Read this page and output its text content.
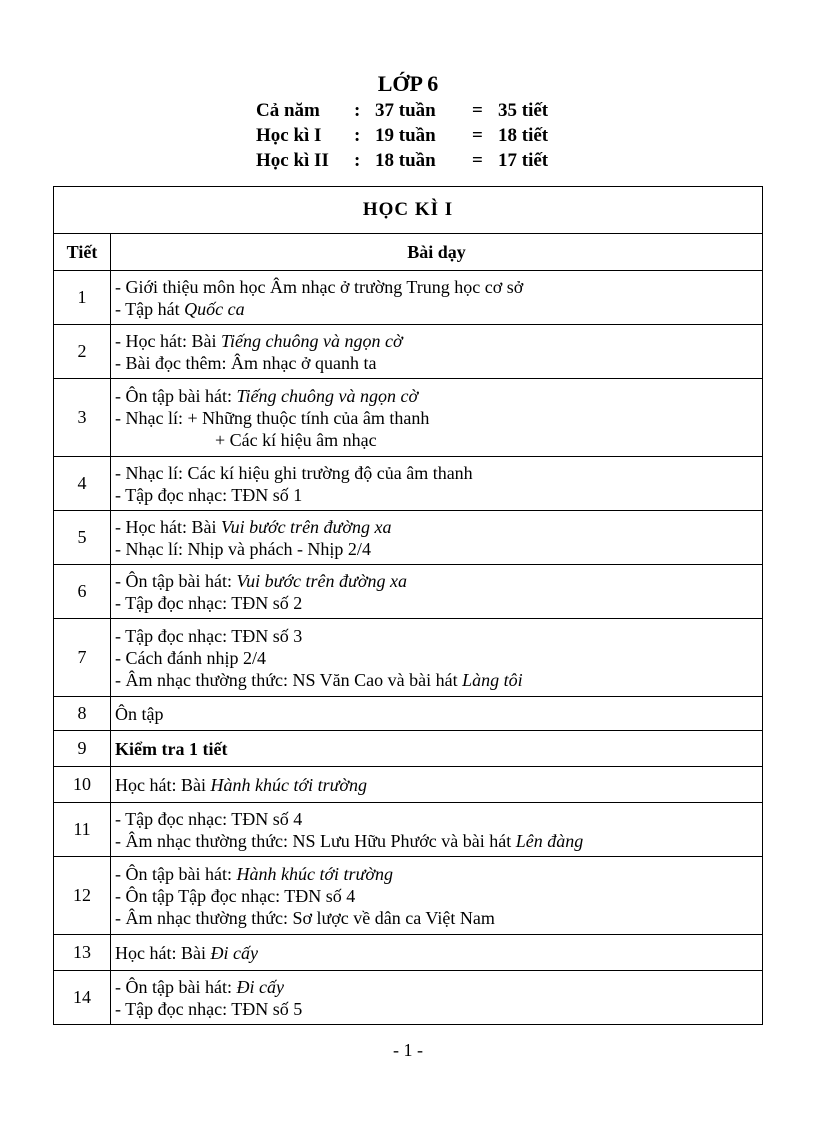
LỚP 6
Cả năm : 37 tuần = 35 tiết
Học kì I : 19 tuần = 18 tiết
Học kì II : 18 tuần = 17 tiết
HỌC KÌ I	
Tiết	Bài dạy
1	- Giới thiệu môn học Âm nhạc ở trường Trung học cơ sở
- Tập hát Quốc ca

2	- Học hát: Bài Tiếng chuông và ngọn cờ
- Bài đọc thêm: Âm nhạc ở quanh ta

3	- Ôn tập bài hát: Tiếng chuông và ngọn cờ
- Nhạc lí: + Những thuộc tính của âm thanh
+ Các kí hiệu âm nhạc

4	- Nhạc lí: Các kí hiệu ghi trường độ của âm thanh
- Tập đọc nhạc: TĐN số 1

5	- Học hát: Bài Vui bước trên đường xa
- Nhạc lí: Nhịp và phách - Nhịp 2/4

6	- Ôn tập bài hát: Vui bước trên đường xa
- Tập đọc nhạc: TĐN số 2

7	- Tập đọc nhạc: TĐN số 3
- Cách đánh nhịp 2/4
- Âm nhạc thường thức: NS Văn Cao và bài hát Làng tôi

8	Ôn tập

9	Kiểm tra 1 tiết

10	Học hát: Bài Hành khúc tới trường

11	- Tập đọc nhạc: TĐN số 4
- Âm nhạc thường thức: NS Lưu Hữu Phước và bài hát Lên đàng

12	- Ôn tập bài hát: Hành khúc tới trường
- Ôn tập Tập đọc nhạc: TĐN số 4
- Âm nhạc thường thức: Sơ lược về dân ca Việt Nam

13	Học hát: Bài Đi cấy

14	- Ôn tập bài hát: Đi cấy
- Tập đọc nhạc: TĐN số 5
- 1 -
